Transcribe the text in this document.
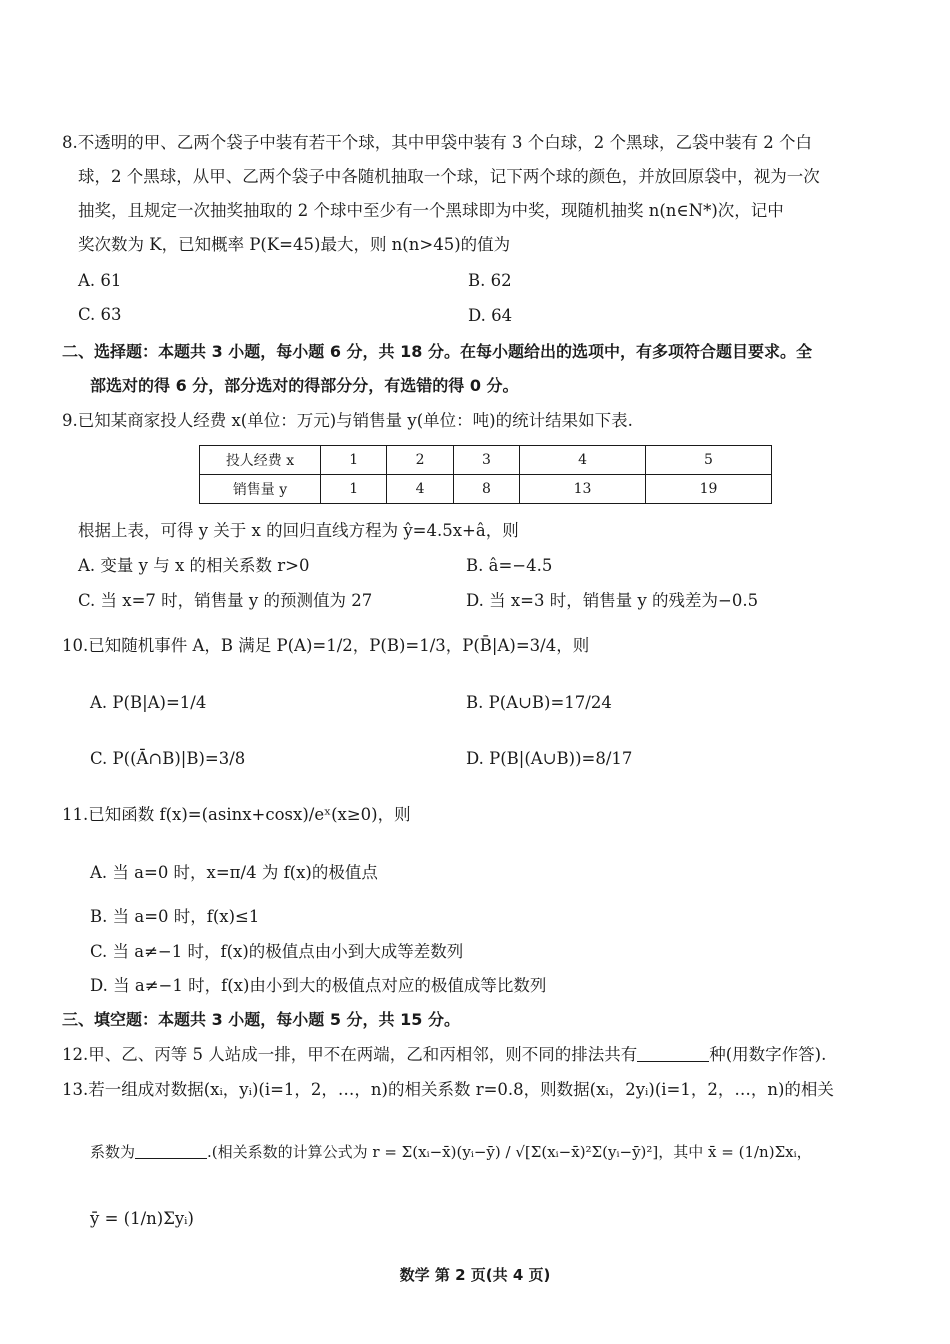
8.不透明的甲、乙两个袋子中装有若干个球，其中甲袋中装有 3 个白球，2 个黑球，乙袋中装有 2 个白
球，2 个黑球，从甲、乙两个袋子中各随机抽取一个球，记下两个球的颜色，并放回原袋中，视为一次
抽奖，且规定一次抽奖抽取的 2 个球中至少有一个黑球即为中奖，现随机抽奖 n(n∈N*)次，记中
奖次数为 K，已知概率 P(K=45)最大，则 n(n>45)的值为
A. 61	B. 62
C. 63	D. 64
二、选择题：本题共 3 小题，每小题 6 分，共 18 分。在每小题给出的选项中，有多项符合题目要求。全
部选对的得 6 分，部分选对的得部分分，有选错的得 0 分。
9.已知某商家投人经费 x(单位：万元)与销售量 y(单位：吨)的统计结果如下表.
投人经费 x	1	2	3	4	5
销售量 y	1	4	8	13	19
根据上表，可得 y 关于 x 的回归直线方程为 ŷ=4.5x+â，则
A. 变量 y 与 x 的相关系数 r>0	B. â=−4.5
C. 当 x=7 时，销售量 y 的预测值为 27	D. 当 x=3 时，销售量 y 的残差为−0.5
10.已知随机事件 A，B 满足 P(A)=1/2，P(B)=1/3，P(B̄|A)=3/4，则
A. P(B|A)=1/4	B. P(A∪B)=17/24
C. P((Ā∩B)|B)=3/8	D. P(B|(A∪B))=8/17
11.已知函数 f(x)=(asinx+cosx)/eˣ(x≥0)，则
A. 当 a=0 时，x=π/4 为 f(x)的极值点
B. 当 a=0 时，f(x)≤1
C. 当 a≠−1 时，f(x)的极值点由小到大成等差数列
D. 当 a≠−1 时，f(x)由小到大的极值点对应的极值成等比数列
三、填空题：本题共 3 小题，每小题 5 分，共 15 分。
12.甲、乙、丙等 5 人站成一排，甲不在两端，乙和丙相邻，则不同的排法共有	种(用数字作答).
13.若一组成对数据(xᵢ，yᵢ)(i=1，2，…，n)的相关系数 r=0.8，则数据(xᵢ，2yᵢ)(i=1，2，…，n)的相关
系数为	.(相关系数的计算公式为 r = Σ(xᵢ−x̄)(yᵢ−ȳ) / √[Σ(xᵢ−x̄)²Σ(yᵢ−ȳ)²]，其中 x̄ = (1/n)Σxᵢ，
ȳ = (1/n)Σyᵢ)
数学 第 2 页(共 4 页)
